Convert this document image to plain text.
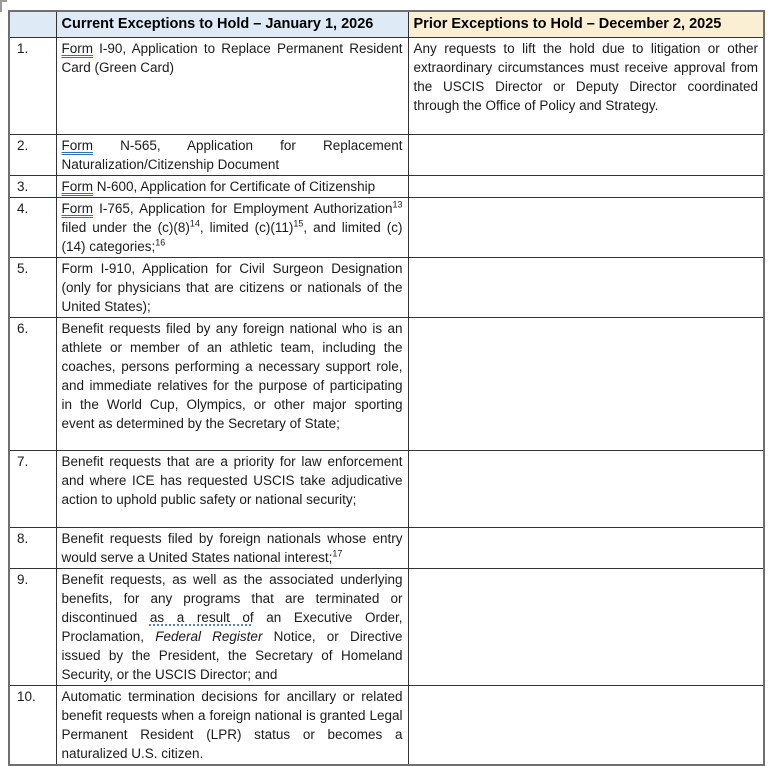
	Current Exceptions to Hold – January 1, 2026	Prior Exceptions to Hold – December 2, 2025
1.	Form I-90, Application to Replace Permanent Resident Card (Green Card)	Any requests to lift the hold due to litigation or other extraordinary circumstances must receive approval from the USCIS Director or Deputy Director coordinated through the Office of Policy and Strategy.

2.	Form N-565, Application for Replacement Naturalization/Citizenship Document	

3.	Form N-600, Application for Certificate of Citizenship	

4.	Form I-765, Application for Employment Authorization$^{13}$ filed under the $(c)(8)^{14}$, limited $(c)(11)^{15}$, and limited (c)(14) categories;$^{16}$

5.	Form I-910, Application for Civil Surgeon Designation (only for physicians that are citizens or nationals of the United States);	

6.	Benefit requests filed by any foreign national who is an athlete or member of an athletic team, including the coaches, persons performing a necessary support role, and immediate relatives for the purpose of participating in the World Cup, Olympics, or other major sporting event as determined by the Secretary of State;	

7.	Benefit requests that are a priority for law enforcement and where ICE has requested USCIS take adjudicative action to uphold public safety or national security;	

8.	Benefit requests filed by foreign nationals whose entry would serve a United States national interest;$^{17}$

9.	Benefit requests, as well as the associated underlying benefits, for any programs that are terminated or discontinued as a result of an Executive Order, Proclamation, Federal Register Notice, or Directive issued by the President, the Secretary of Homeland Security, or the USCIS Director; and	

10.	Automatic termination decisions for ancillary or related benefit requests when a foreign national is granted Legal Permanent Resident (LPR) status or becomes a naturalized U.S. citizen.	
